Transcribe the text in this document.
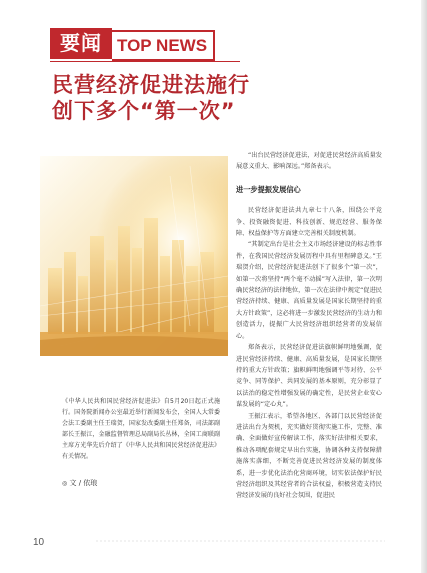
要闻 TOP NEWS
民营经济促进法施行
创下多个“第一次”

《中华人民共和国民营经济促进法》自5月20日起正式施行。国务院新闻办公室最近举行新闻发布会，全国人大常委会法工委副主任王瑞贺，国家发改委副主任郑备，司法部副部长王振江，金融监督管理总局副局长丛林，全国工商联副主席方光华先后介绍了《中华人民共和国民营经济促进法》有关情况。

◎ 文 / 依琅

“出台民营经济促进法，对促进民营经济高质量发展意义重大、影响深远。”郑备表示。

进一步提振发展信心

民营经济促进法共九章七十八条，围绕公平竞争、投资融资促进、科技创新、规范经营、服务保障、权益保护等方面建立完善相关制度机制。

“其制定出台是社会主义市场经济建设的标志性事件，在我国民营经济发展历程中具有里程碑意义。”王瑞贺介绍，民营经济促进法创下了很多个“第一次”，如第一次将坚持“两个毫不动摇”写入法律，第一次明确民营经济的法律地位，第一次在法律中规定“促进民营经济持续、健康、高质量发展是国家长期坚持的重大方针政策”，这必将进一步激发民营经济的生动力和创造活力，提振广大民营经济组织经营者的发展信心。

郑备表示，民营经济促进法旗帜鲜明地强调，促进民营经济持续、健康、高质量发展，是国家长期坚持的重大方针政策；旗帜鲜明地强调平等对待、公平竞争、同等保护、共同发展的基本原则，充分彰显了以法治的稳定性增强发展的确定性，是民营企业安心谋发展的“定心丸”。

王振江表示，希望各地区、各部门以民营经济促进法出台为契机，充实做好贯彻实施工作，完整、准确、全面做好宣传解读工作，落实好法律相关要求，推动各项配套规定早出台实施，协调各种支持保障措施落实落细，不断完善促进民营经济发展的制度体系，进一步优化法治化营商环境，切实依法保护好民营经济组织及其经营者的合法权益，积极营造支持民营经济发展的良好社会氛围，促进民

10
